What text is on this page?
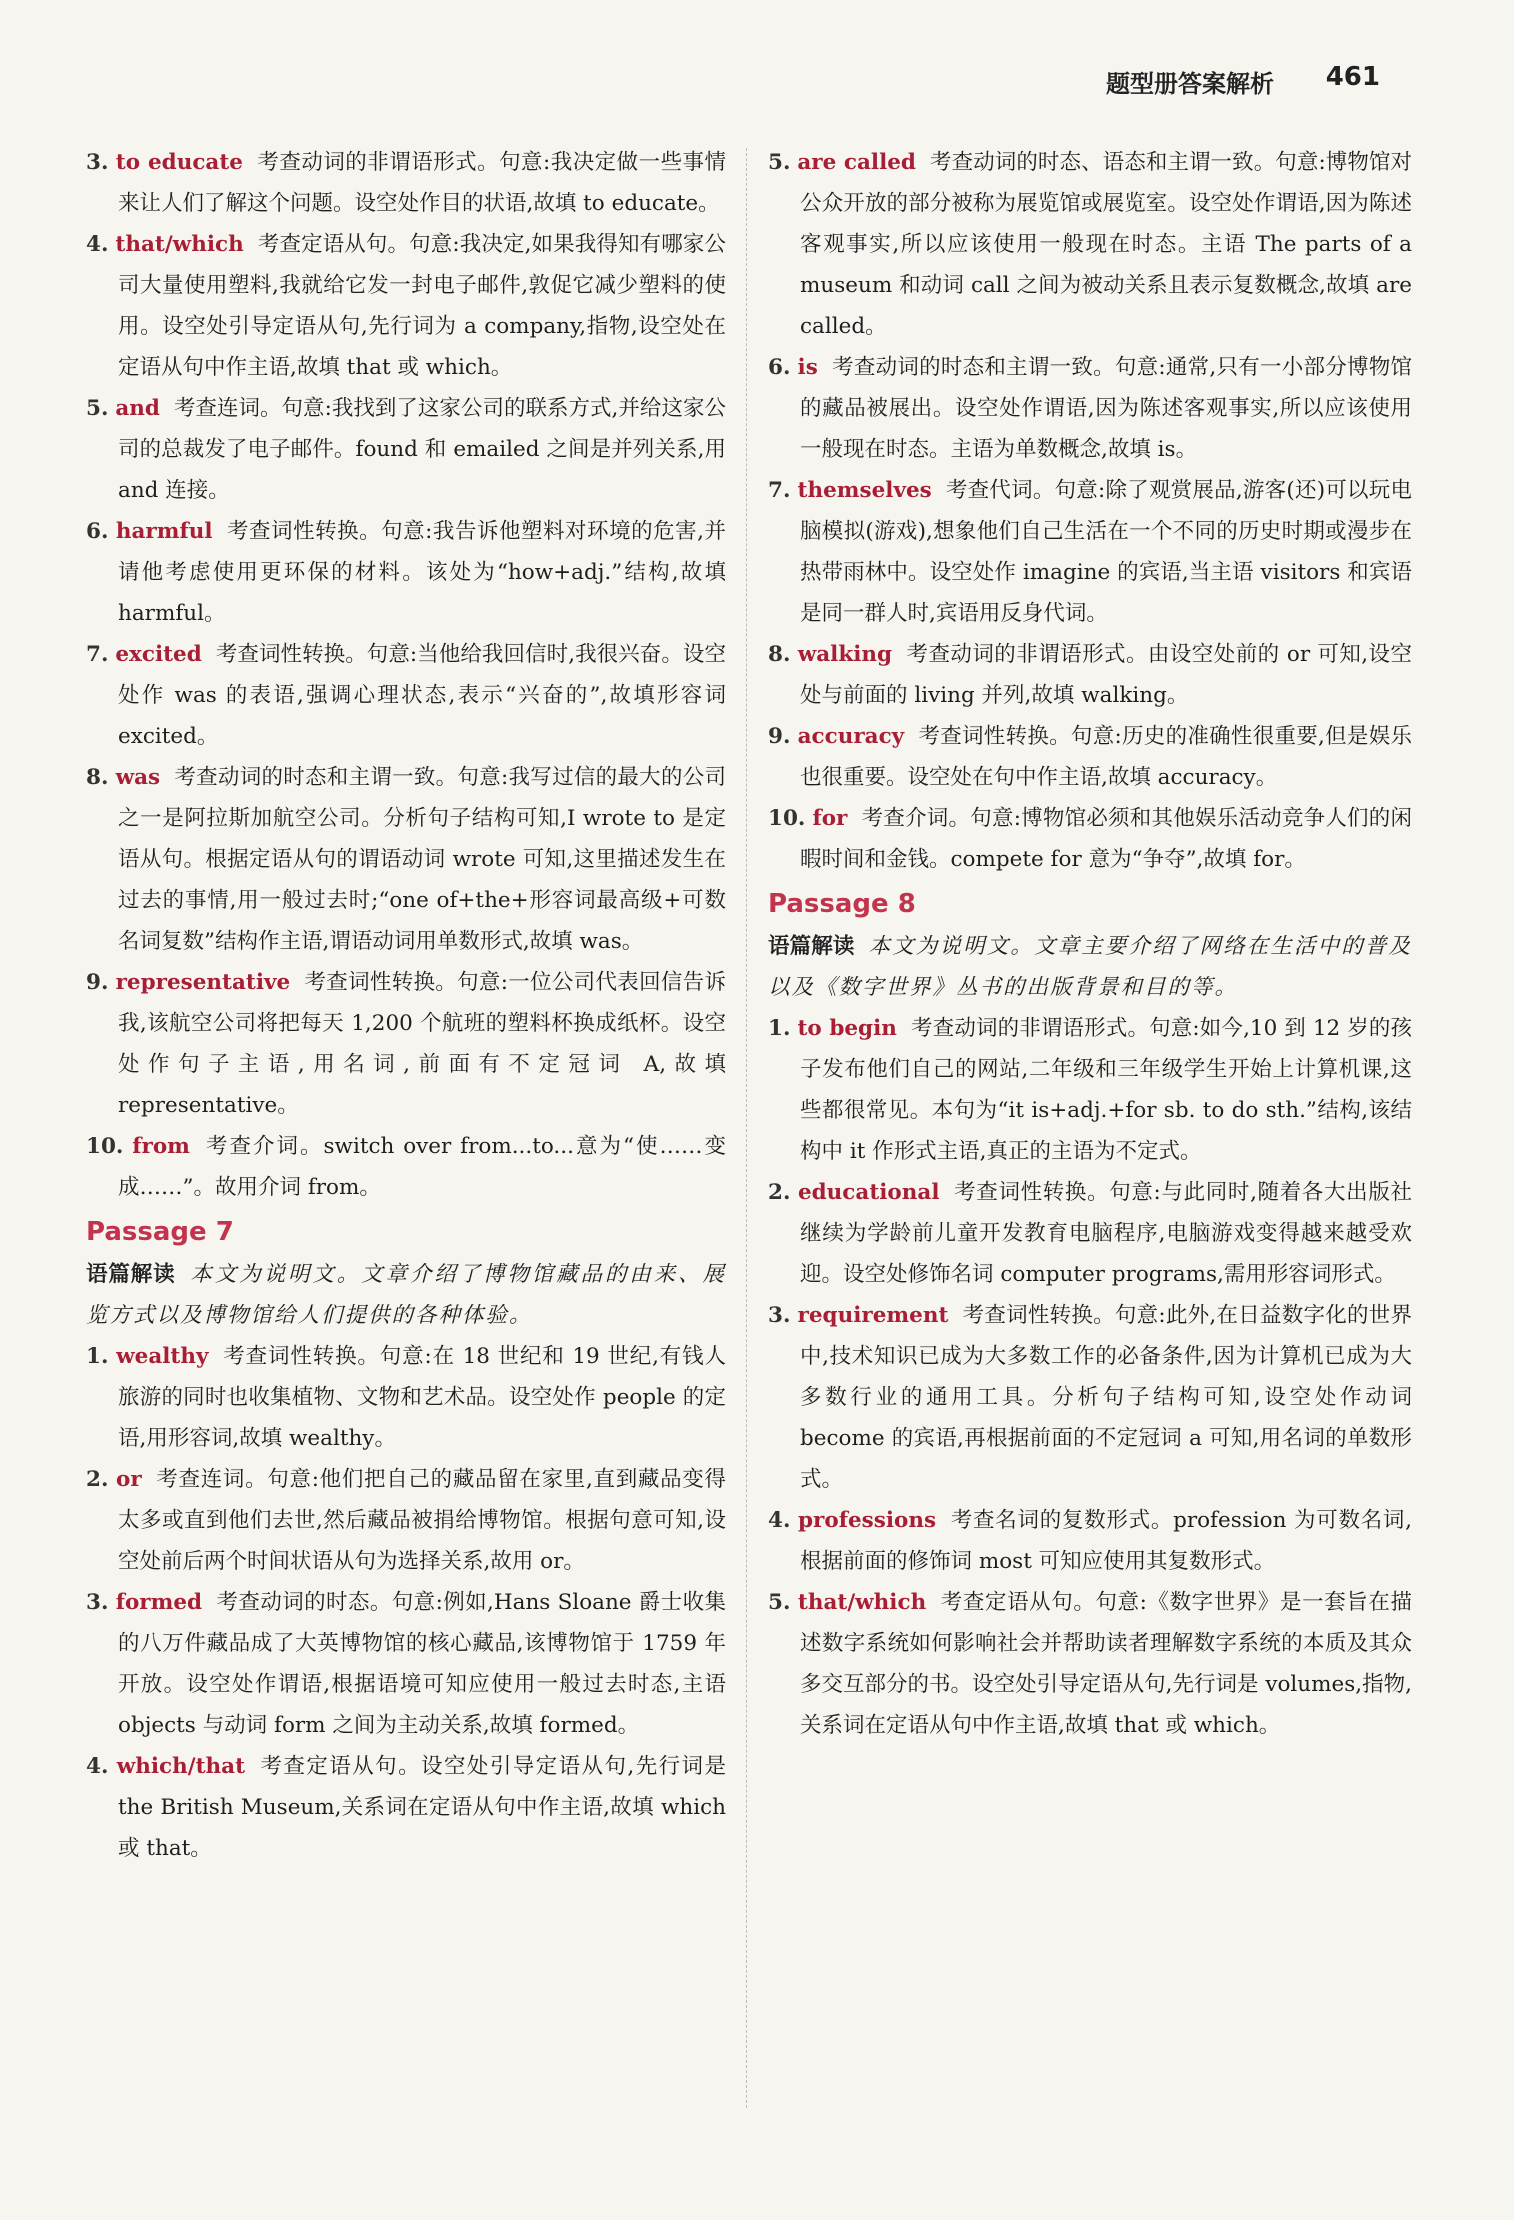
题型册答案解析 461
3. to educate 考查动词的非谓语形式。句意:我决定做一些事情来让人们了解这个问题。设空处作目的状语,故填 to educate。
4. that/which 考查定语从句。句意:我决定,如果我得知有哪家公司大量使用塑料,我就给它发一封电子邮件,敦促它减少塑料的使用。设空处引导定语从句,先行词为 a company,指物,设空处在定语从句中作主语,故填 that 或 which。
5. and 考查连词。句意:我找到了这家公司的联系方式,并给这家公司的总裁发了电子邮件。found 和 emailed 之间是并列关系,用 and 连接。
6. harmful 考查词性转换。句意:我告诉他塑料对环境的危害,并请他考虑使用更环保的材料。该处为“how+adj.”结构,故填 harmful。
7. excited 考查词性转换。句意:当他给我回信时,我很兴奋。设空处作 was 的表语,强调心理状态,表示“兴奋的”,故填形容词 excited。
8. was 考查动词的时态和主谓一致。句意:我写过信的最大的公司之一是阿拉斯加航空公司。分析句子结构可知,I wrote to 是定语从句。根据定语从句的谓语动词 wrote 可知,这里描述发生在过去的事情,用一般过去时;“one of+the+形容词最高级+可数名词复数”结构作主语,谓语动词用单数形式,故填 was。
9. representative 考查词性转换。句意:一位公司代表回信告诉我,该航空公司将把每天 1,200 个航班的塑料杯换成纸杯。设空处作句子主语,用名词,前面有不定冠词 A,故填 representative。
10. from 考查介词。switch over from...to...意为“使……变成……”。故用介词 from。
Passage 7
语篇解读 本文为说明文。文章介绍了博物馆藏品的由来、展览方式以及博物馆给人们提供的各种体验。
1. wealthy 考查词性转换。句意:在 18 世纪和 19 世纪,有钱人旅游的同时也收集植物、文物和艺术品。设空处作 people 的定语,用形容词,故填 wealthy。
2. or 考查连词。句意:他们把自己的藏品留在家里,直到藏品变得太多或直到他们去世,然后藏品被捐给博物馆。根据句意可知,设空处前后两个时间状语从句为选择关系,故用 or。
3. formed 考查动词的时态。句意:例如,Hans Sloane 爵士收集的八万件藏品成了大英博物馆的核心藏品,该博物馆于 1759 年开放。设空处作谓语,根据语境可知应使用一般过去时态,主语 objects 与动词 form 之间为主动关系,故填 formed。
4. which/that 考查定语从句。设空处引导定语从句,先行词是 the British Museum,关系词在定语从句中作主语,故填 which 或 that。
5. are called 考查动词的时态、语态和主谓一致。句意:博物馆对公众开放的部分被称为展览馆或展览室。设空处作谓语,因为陈述客观事实,所以应该使用一般现在时态。主语 The parts of a museum 和动词 call 之间为被动关系且表示复数概念,故填 are called。
6. is 考查动词的时态和主谓一致。句意:通常,只有一小部分博物馆的藏品被展出。设空处作谓语,因为陈述客观事实,所以应该使用一般现在时态。主语为单数概念,故填 is。
7. themselves 考查代词。句意:除了观赏展品,游客(还)可以玩电脑模拟(游戏),想象他们自己生活在一个不同的历史时期或漫步在热带雨林中。设空处作 imagine 的宾语,当主语 visitors 和宾语是同一群人时,宾语用反身代词。
8. walking 考查动词的非谓语形式。由设空处前的 or 可知,设空处与前面的 living 并列,故填 walking。
9. accuracy 考查词性转换。句意:历史的准确性很重要,但是娱乐也很重要。设空处在句中作主语,故填 accuracy。
10. for 考查介词。句意:博物馆必须和其他娱乐活动竞争人们的闲暇时间和金钱。compete for 意为“争夺”,故填 for。
Passage 8
语篇解读 本文为说明文。文章主要介绍了网络在生活中的普及以及《数字世界》丛书的出版背景和目的等。
1. to begin 考查动词的非谓语形式。句意:如今,10 到 12 岁的孩子发布他们自己的网站,二年级和三年级学生开始上计算机课,这些都很常见。本句为“it is+adj.+for sb. to do sth.”结构,该结构中 it 作形式主语,真正的主语为不定式。
2. educational 考查词性转换。句意:与此同时,随着各大出版社继续为学龄前儿童开发教育电脑程序,电脑游戏变得越来越受欢迎。设空处修饰名词 computer programs,需用形容词形式。
3. requirement 考查词性转换。句意:此外,在日益数字化的世界中,技术知识已成为大多数工作的必备条件,因为计算机已成为大多数行业的通用工具。分析句子结构可知,设空处作动词 become 的宾语,再根据前面的不定冠词 a 可知,用名词的单数形式。
4. professions 考查名词的复数形式。profession 为可数名词,根据前面的修饰词 most 可知应使用其复数形式。
5. that/which 考查定语从句。句意:《数字世界》是一套旨在描述数字系统如何影响社会并帮助读者理解数字系统的本质及其众多交互部分的书。设空处引导定语从句,先行词是 volumes,指物,关系词在定语从句中作主语,故填 that 或 which。
